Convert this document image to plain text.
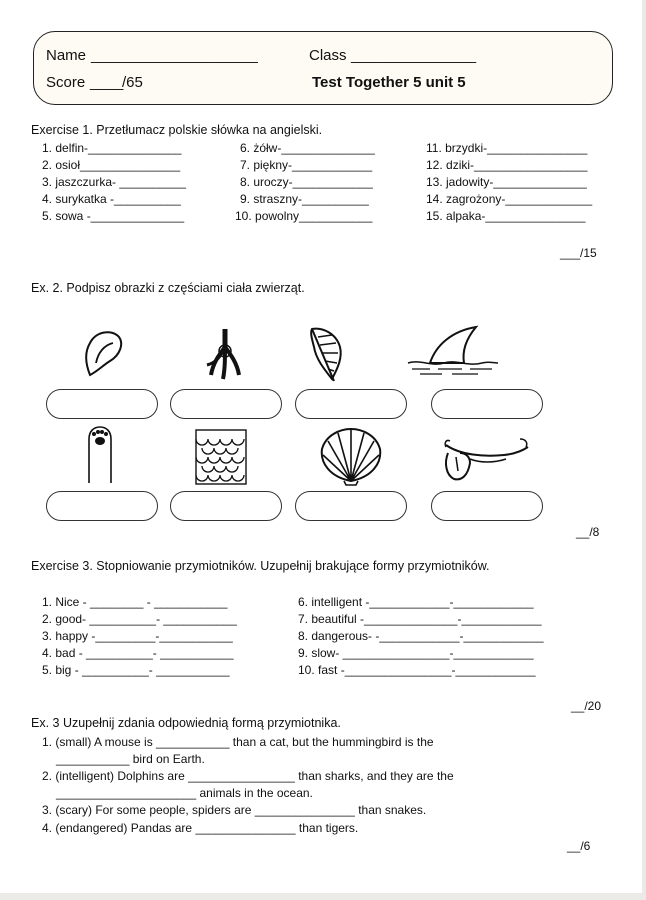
Name ____________________	Class _______________
Score ____
/65	Test Together 5 unit 5
Exercise 1. Przetłumacz polskie słówka na angielski.
1. delfin-______________
2. osioł_______________
3. jaszczurka- __________
4. surykatka -__________
5. sowa -______________
6. żółw-______________
7. piękny-____________
8. uroczy-____________
9. straszny-__________
10. powolny___________
11. brzydki-_______________
12. dziki-_________________
13. jadowity-______________
14. zagrożony-_____________
15. alpaka-_______________
___/15
Ex. 2. Podpisz obrazki z częściami ciała zwierząt.
__/8
Exercise 3. Stopniowanie przymiotników. Uzupełnij brakujące formy przymiotników.
1. Nice - ________ - ___________
2. good- __________- ___________
3. happy -_________-___________
4. bad - __________- ___________
5. big - __________- ___________
6. intelligent -____________-____________
7. beautiful -______________-____________
8. dangerous- -____________-____________
9. slow- ________________-____________
10. fast -________________-____________
__/20
Ex. 3 Uzupełnij zdania odpowiednią formą przymiotnika.
1. (small) A mouse is ___________ than a cat, but the hummingbird is the
___________ bird on Earth.
2. (intelligent) Dolphins are ________________ than sharks, and they are the
_____________________ animals in the ocean.
3. (scary) For some people, spiders are _______________ than snakes.
4. (endangered) Pandas are _______________ than tigers.
__/6
